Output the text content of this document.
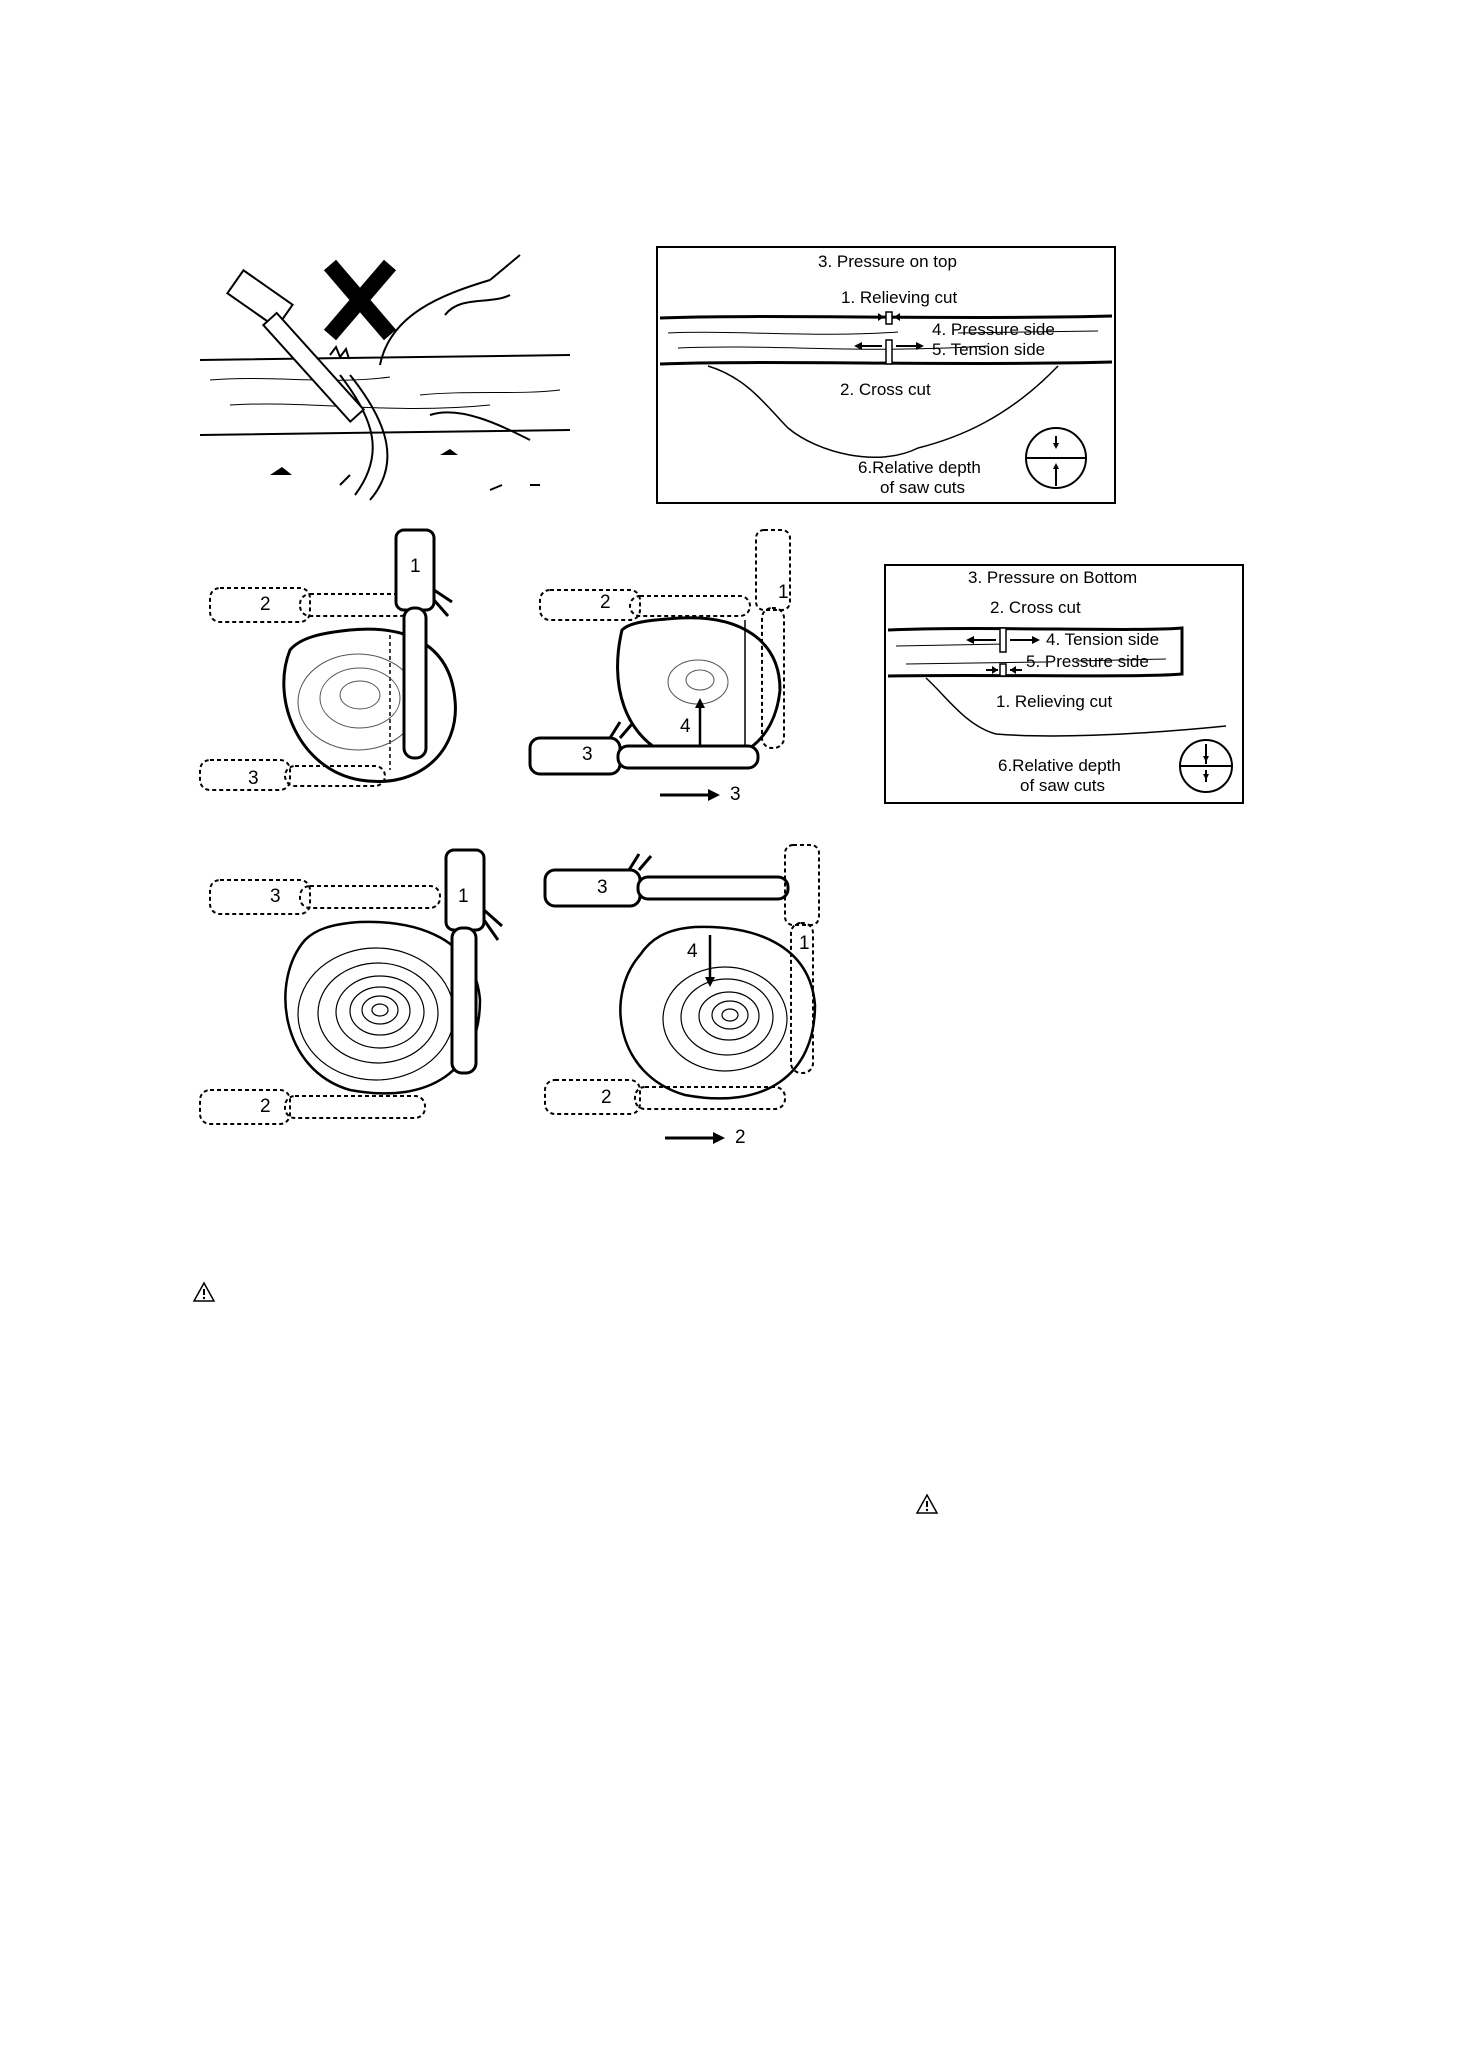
3. Pressure on top
1. Relieving cut
4. Pressure side
5. Tension side
2. Cross cut
6.Relative depth
of saw cuts
3. Pressure on Bottom
2. Cross cut
4. Tension side
5. Pressure side
1. Relieving cut
6.Relative depth
of saw cuts
1
2
3
1
2
3
4
3
1
3
2
3
1
4
2
2
